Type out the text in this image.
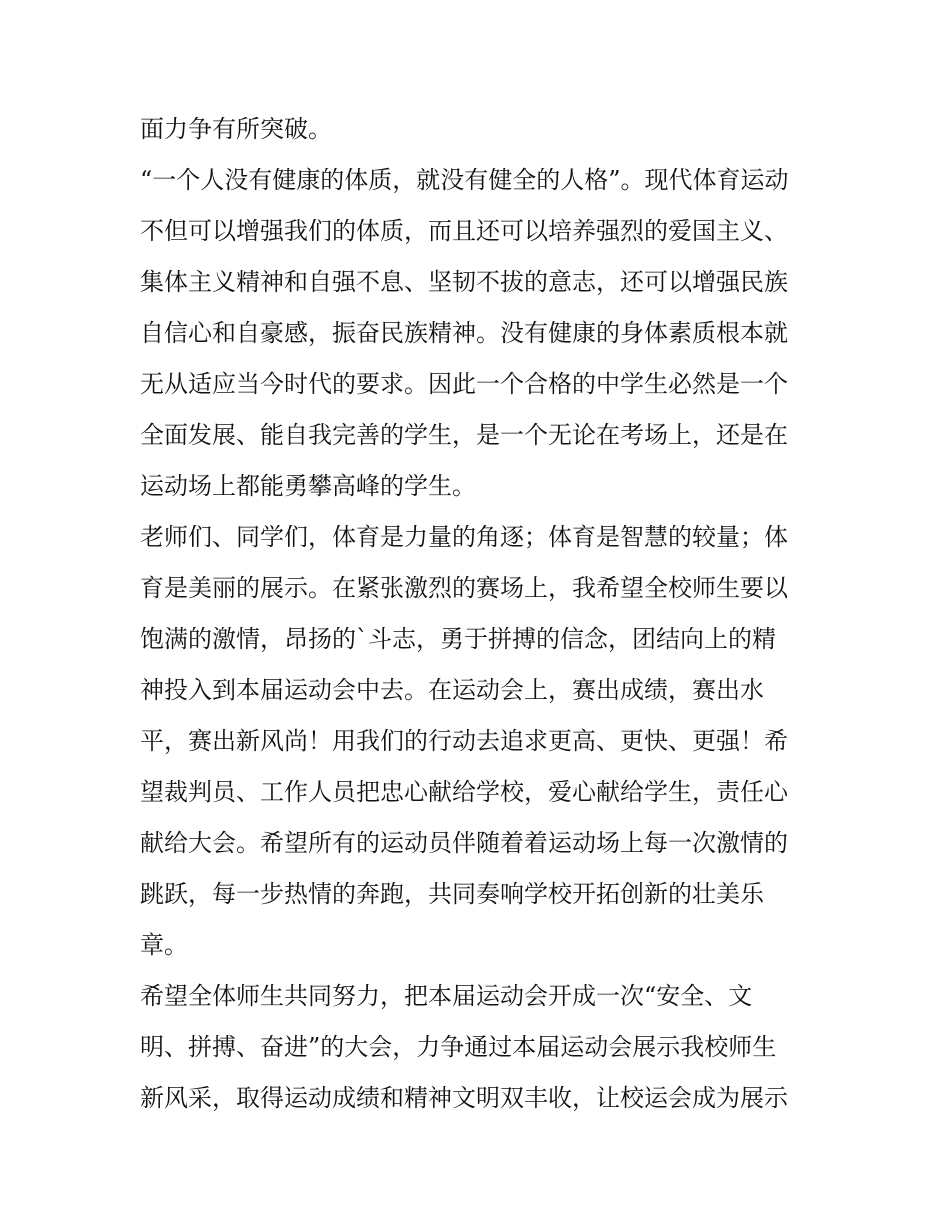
面力争有所突破。
“一个人没有健康的体质，就没有健全的人格”。现代体育运动
不但可以增强我们的体质，而且还可以培养强烈的爱国主义、
集体主义精神和自强不息、坚韧不拔的意志，还可以增强民族
自信心和自豪感，振奋民族精神。没有健康的身体素质根本就
无从适应当今时代的要求。因此一个合格的中学生必然是一个
全面发展、能自我完善的学生，是一个无论在考场上，还是在
运动场上都能勇攀高峰的学生。
老师们、同学们，体育是力量的角逐；体育是智慧的较量；体
育是美丽的展示。在紧张激烈的赛场上，我希望全校师生要以
饱满的激情，昂扬的`斗志，勇于拼搏的信念，团结向上的精
神投入到本届运动会中去。在运动会上，赛出成绩，赛出水
平，赛出新风尚！用我们的行动去追求更高、更快、更强！希
望裁判员、工作人员把忠心献给学校，爱心献给学生，责任心
献给大会。希望所有的运动员伴随着着运动场上每一次激情的
跳跃，每一步热情的奔跑，共同奏响学校开拓创新的壮美乐
章。
希望全体师生共同努力，把本届运动会开成一次“安全、文
明、拼搏、奋进”的大会，力争通过本届运动会展示我校师生
新风采，取得运动成绩和精神文明双丰收，让校运会成为展示
